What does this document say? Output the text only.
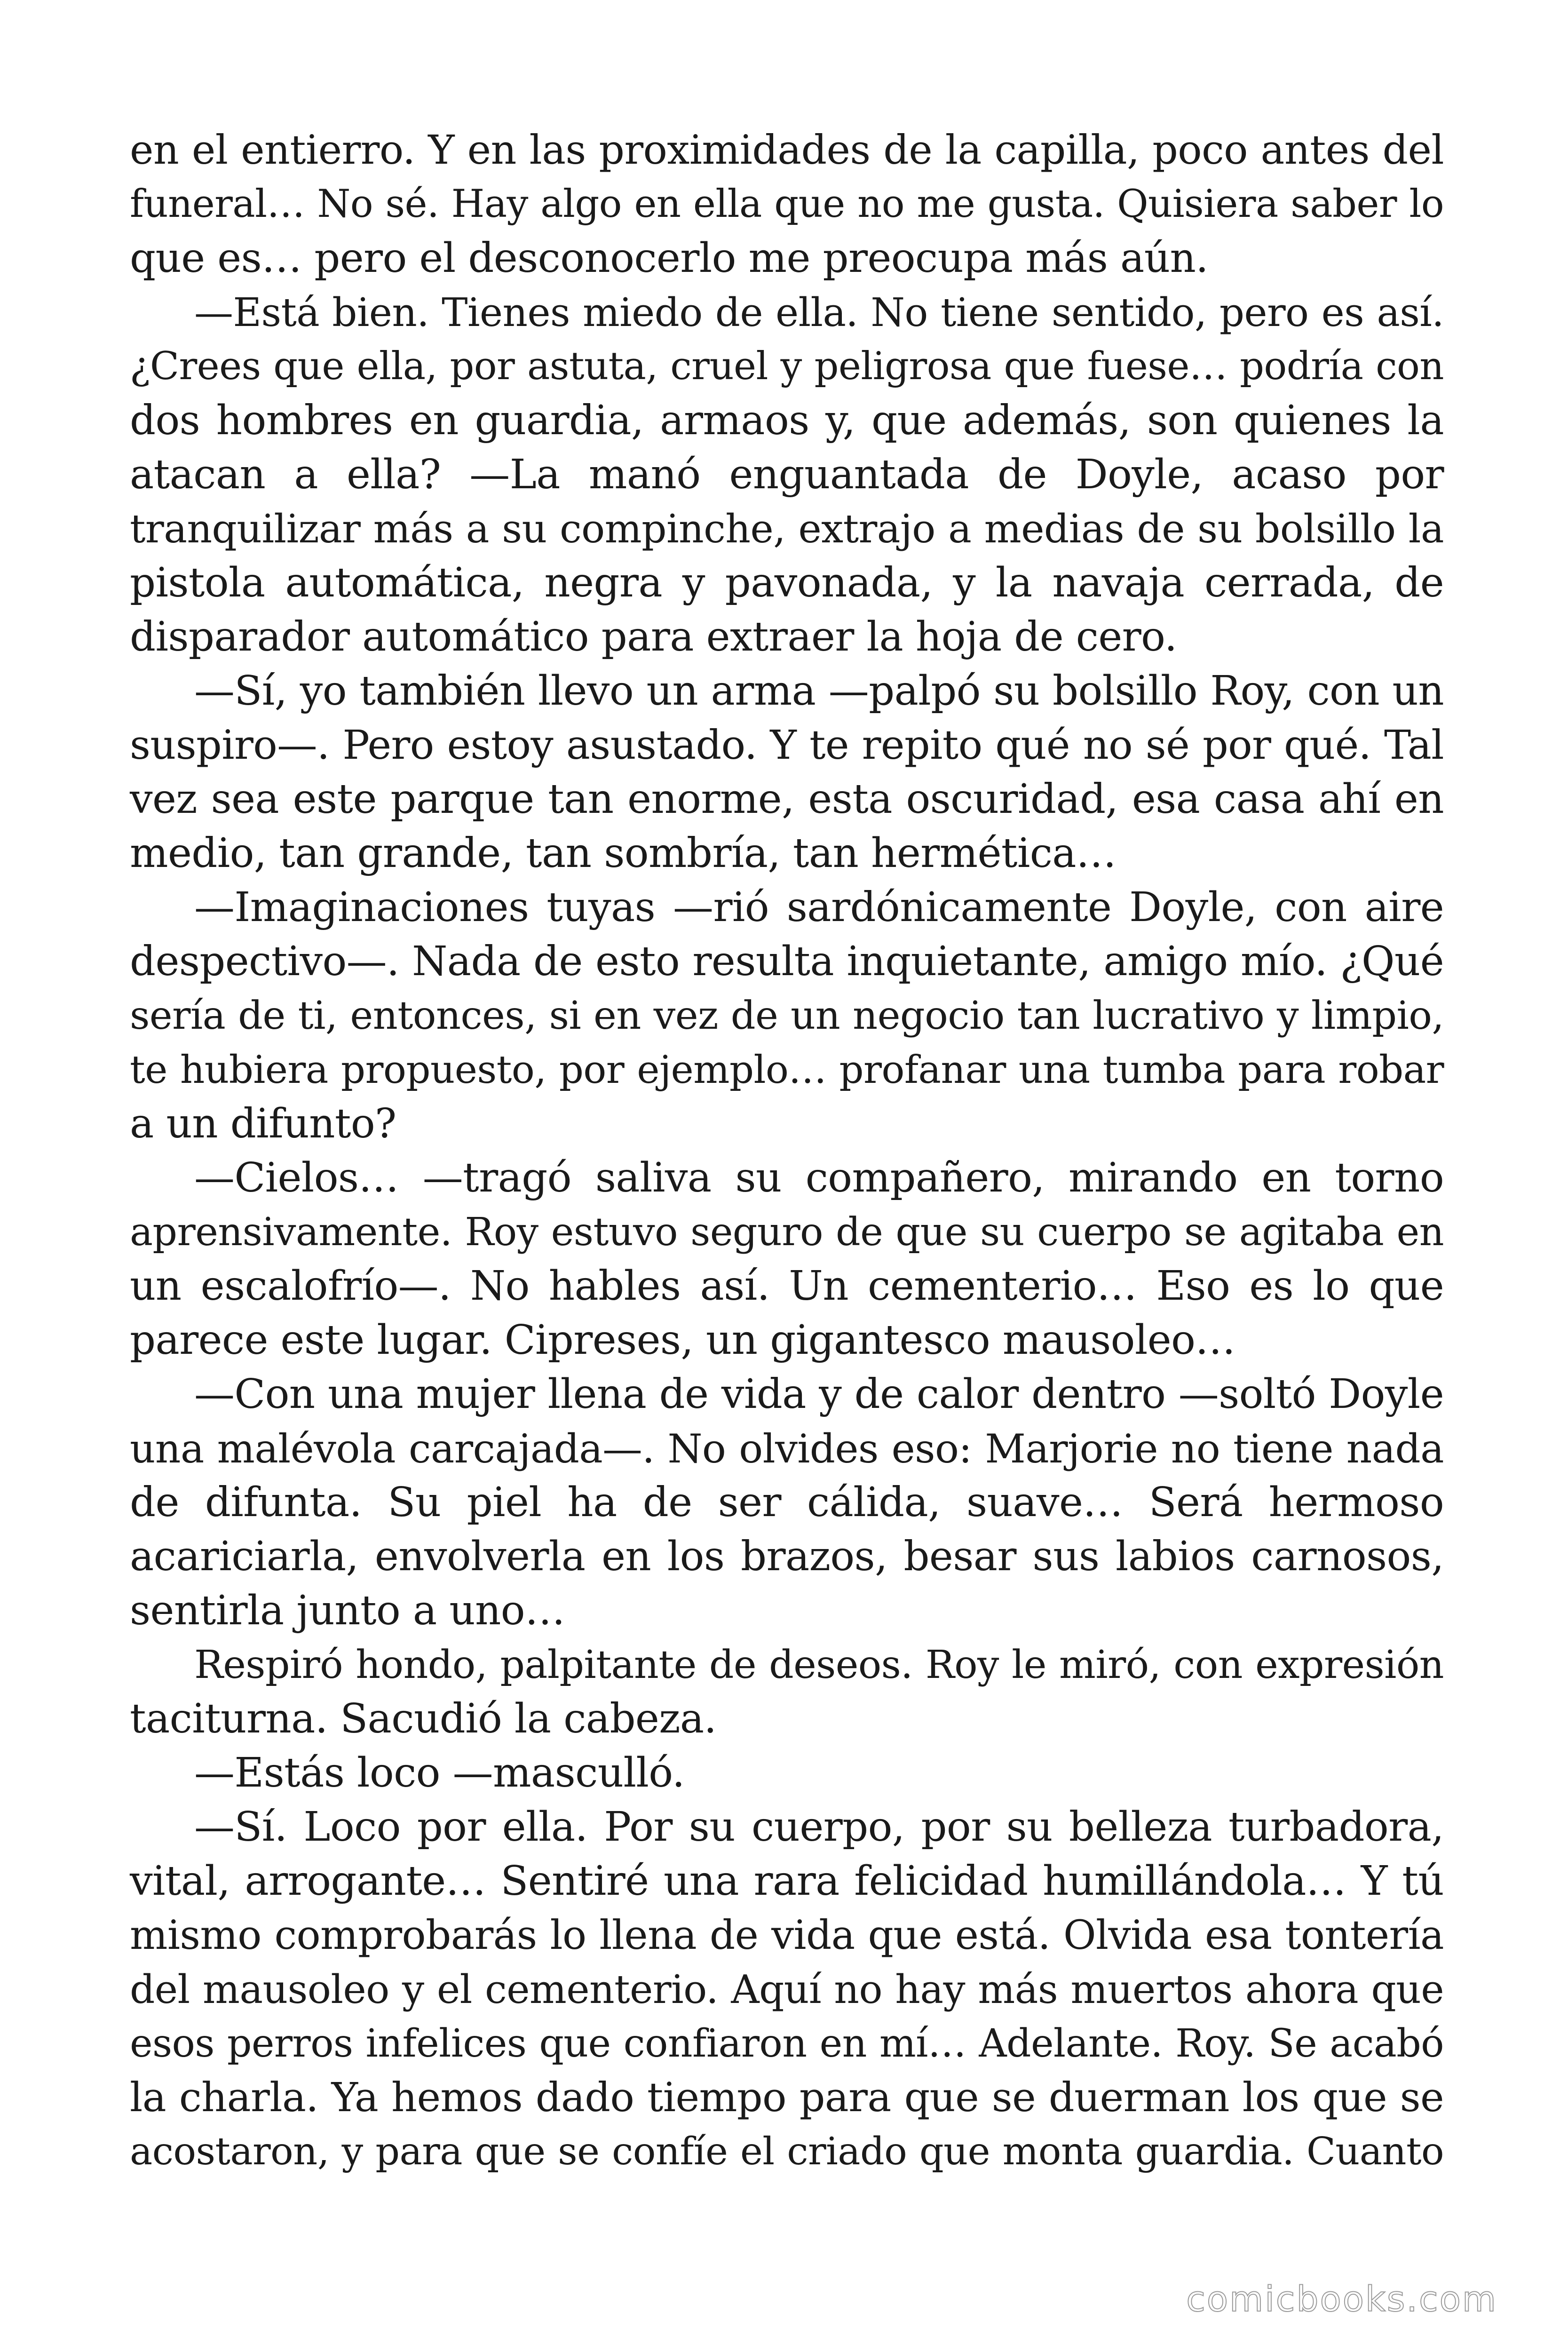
en el entierro. Y en las proximidades de la capilla, poco antes del
funeral… No sé. Hay algo en ella que no me gusta. Quisiera saber lo
que es… pero el desconocerlo me preocupa más aún.
—Está bien. Tienes miedo de ella. No tiene sentido, pero es así.
¿Crees que ella, por astuta, cruel y peligrosa que fuese… podría con
dos hombres en guardia, armaos y, que además, son quienes la
atacan a ella? —La manó enguantada de Doyle, acaso por
tranquilizar más a su compinche, extrajo a medias de su bolsillo la
pistola automática, negra y pavonada, y la navaja cerrada, de
disparador automático para extraer la hoja de cero.
—Sí, yo también llevo un arma —palpó su bolsillo Roy, con un
suspiro—. Pero estoy asustado. Y te repito qué no sé por qué. Tal
vez sea este parque tan enorme, esta oscuridad, esa casa ahí en
medio, tan grande, tan sombría, tan hermética…
—Imaginaciones tuyas —rió sardónicamente Doyle, con aire
despectivo—. Nada de esto resulta inquietante, amigo mío. ¿Qué
sería de ti, entonces, si en vez de un negocio tan lucrativo y limpio,
te hubiera propuesto, por ejemplo… profanar una tumba para robar
a un difunto?
—Cielos… —tragó saliva su compañero, mirando en torno
aprensivamente. Roy estuvo seguro de que su cuerpo se agitaba en
un escalofrío—. No hables así. Un cementerio… Eso es lo que
parece este lugar. Cipreses, un gigantesco mausoleo…
—Con una mujer llena de vida y de calor dentro —soltó Doyle
una malévola carcajada—. No olvides eso: Marjorie no tiene nada
de difunta. Su piel ha de ser cálida, suave… Será hermoso
acariciarla, envolverla en los brazos, besar sus labios carnosos,
sentirla junto a uno…
Respiró hondo, palpitante de deseos. Roy le miró, con expresión
taciturna. Sacudió la cabeza.
—Estás loco —masculló.
—Sí. Loco por ella. Por su cuerpo, por su belleza turbadora,
vital, arrogante… Sentiré una rara felicidad humillándola… Y tú
mismo comprobarás lo llena de vida que está. Olvida esa tontería
del mausoleo y el cementerio. Aquí no hay más muertos ahora que
esos perros infelices que confiaron en mí… Adelante. Roy. Se acabó
la charla. Ya hemos dado tiempo para que se duerman los que se
acostaron, y para que se confíe el criado que monta guardia. Cuanto
comicbooks.com
